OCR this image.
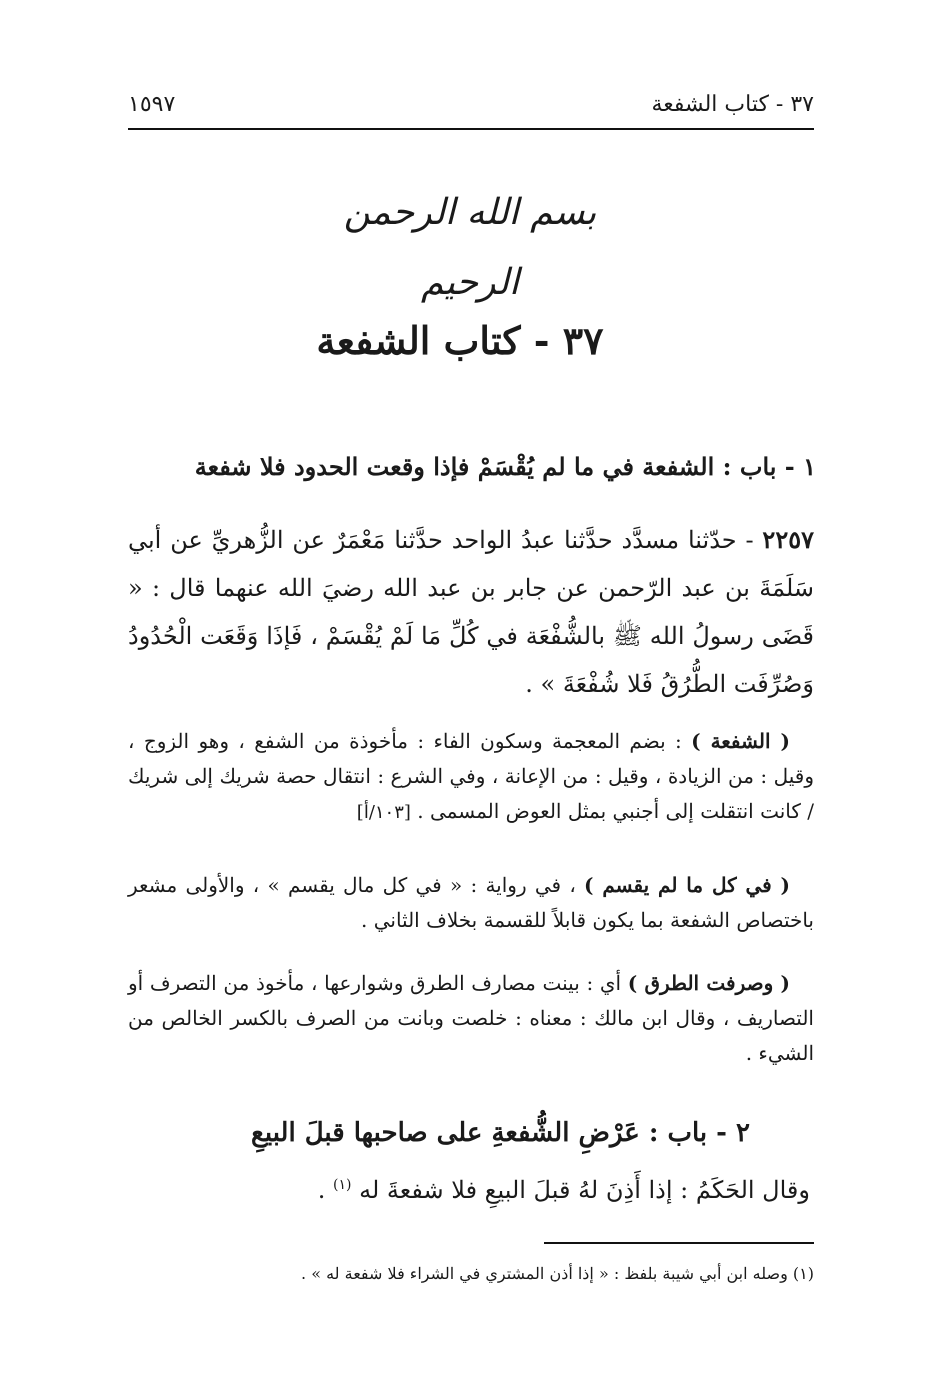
٣٧ - كتاب الشفعة
١٥٩٧
بسم الله الرحمن الرحيم
٣٧ - كتاب الشفعة
١ - باب : الشفعة في ما لم يُقْسَمْ فإذا وقعت الحدود فلا شفعة
٢٢٥٧ - حدّثنا مسدَّد حدَّثنا عبدُ الواحد حدَّثنا مَعْمَرٌ عن الزُّهريِّ عن أبي سَلَمَةَ بن عبد الرّحمن عن جابر بن عبد الله رضيَ الله عنهما قال : « قَضَى رسولُ الله ﷺ بالشُّفْعَة في كُلِّ مَا لَمْ يُقْسَمْ ، فَإذَا وَقَعَت الْحُدُودُ وَصُرِّفَت الطُّرُقُ فَلا شُفْعَةَ » .
( الشفعة ) : بضم المعجمة وسكون الفاء : مأخوذة من الشفع ، وهو الزوج ، وقيل : من الزيادة ، وقيل : من الإعانة ، وفي الشرع : انتقال حصة شريك إلى شريك / كانت انتقلت إلى أجنبي بمثل العوض المسمى . [١٠٣/أ]
( في كل ما لم يقسم ) ، في رواية : « في كل مال يقسم » ، والأولى مشعر باختصاص الشفعة بما يكون قابلاً للقسمة بخلاف الثاني .
( وصرفت الطرق ) أي : بينت مصارف الطرق وشوارعها ، مأخوذ من التصرف أو التصاريف ، وقال ابن مالك : معناه : خلصت وبانت من الصرف بالكسر الخالص من الشيء .
٢ - باب : عَرْضِ الشُّفعةِ على صاحبها قبلَ البيعِ
وقال الحَكَمُ : إذا أَذِنَ لهُ قبلَ البيعِ فلا شفعةَ له $^{(١)}$ .
(١) وصله ابن أبي شيبة بلفظ : « إذا أذن المشتري في الشراء فلا شفعة له » .
